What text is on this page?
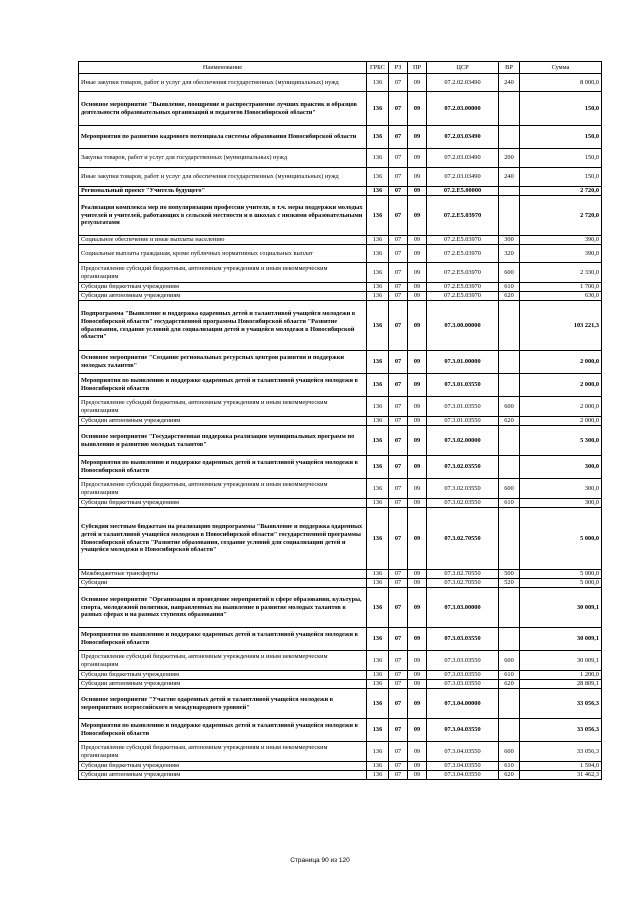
Наименование	ГРБС	РЗ	ПР	ЦСР	ВР	Сумма
Иные закупки товаров, работ и услуг для обеспечения государственных (муниципальных) нужд	136	07	09	07.2.02.03490	240	8 000,0
Основное мероприятие "Выявление, поощрение и распространение лучших практик и образцов деятельности образовательных организаций и педагогов Новосибирской области"	136	07	09	07.2.03.00000		150,0
Мероприятия по развитию кадрового потенциала системы образования Новосибирской области	136	07	09	07.2.03.03490		150,0
Закупка товаров, работ и услуг для государственных (муниципальных) нужд	136	07	09	07.2.03.03490	200	150,0
Иные закупки товаров, работ и услуг для обеспечения государственных (муниципальных) нужд	136	07	09	07.2.03.03490	240	150,0
Региональный проект "Учитель будущего"	136	07	09	07.2.E5.00000		2 720,0
Реализация комплекса мер по популяризации профессии учителя, в т.ч. меры поддержки молодых учителей и учителей, работающих в сельской местности и в школах с низкими образовательными результатами	136	07	09	07.2.E5.03970		2 720,0
Социальное обеспечение и иные выплаты населению	136	07	09	07.2.E5.03970	300	390,0
Социальные выплаты гражданам, кроме публичных нормативных социальных выплат	136	07	09	07.2.E5.03970	320	390,0
Предоставление субсидий бюджетным, автономным учреждениям и иным некоммерческим организациям	136	07	09	07.2.E5.03970	600	2 330,0
Субсидии бюджетным учреждениям	136	07	09	07.2.E5.03970	610	1 700,0
Субсидии автономным учреждениям	136	07	09	07.2.E5.03970	620	630,0
Подпрограмма "Выявление и поддержка одаренных детей и талантливой учащейся молодежи в Новосибирской области" государственной программы Новосибирской области "Развитие образования, создание условий для социализации детей и учащейся молодежи в Новосибирской области"	136	07	09	07.3.00.00000		103 221,3
Основное мероприятие "Создание региональных ресурсных центров развития и поддержки молодых талантов"	136	07	09	07.3.01.00000		2 000,0
Мероприятия по выявлению и поддержке одаренных детей и талантливой учащейся молодежи в Новосибирской области	136	07	09	07.3.01.03550		2 000,0
Предоставление субсидий бюджетным, автономным учреждениям и иным некоммерческим организациям	136	07	09	07.3.01.03550	600	2 000,0
Субсидии автономным учреждениям	136	07	09	07.3.01.03550	620	2 000,0
Основное мероприятие "Государственная поддержка реализации муниципальных программ по выявлению и развитию молодых талантов"	136	07	09	07.3.02.00000		5 300,0
Мероприятия по выявлению и поддержке одаренных детей и талантливой учащейся молодежи в Новосибирской области	136	07	09	07.3.02.03550		300,0
Предоставление субсидий бюджетным, автономным учреждениям и иным некоммерческим организациям	136	07	09	07.3.02.03550	600	300,0
Субсидии бюджетным учреждениям	136	07	09	07.3.02.03550	610	300,0
Субсидии местным бюджетам на реализацию подпрограммы "Выявление и поддержка одаренных детей и талантливой учащейся молодежи в Новосибирской области" государственной программы Новосибирской области "Развитие образования, создание условий для социализации детей и учащейся молодежи в Новосибирской области"	136	07	09	07.3.02.70550		5 000,0
Межбюджетные трансферты	136	07	09	07.3.02.70550	500	5 000,0
Субсидии	136	07	09	07.3.02.70550	520	5 000,0
Основное мероприятие "Организация и проведение мероприятий в сфере образования, культуры, спорта, молодежной политики, направленных на выявление и развитие молодых талантов в разных сферах и на разных ступенях образования"	136	07	09	07.3.03.00000		30 009,1
Мероприятия по выявлению и поддержке одаренных детей и талантливой учащейся молодежи в Новосибирской области	136	07	09	07.3.03.03550		30 009,1
Предоставление субсидий бюджетным, автономным учреждениям и иным некоммерческим организациям	136	07	09	07.3.03.03550	600	30 009,1
Субсидии бюджетным учреждениям	136	07	09	07.3.03.03550	610	1 200,0
Субсидии автономным учреждениям	136	07	09	07.3.03.03550	620	28 809,1
Основное мероприятие "Участие одаренных детей и талантливой учащейся молодежи в мероприятиях всероссийского и международного уровней"	136	07	09	07.3.04.00000		33 056,3
Мероприятия по выявлению и поддержке одаренных детей и талантливой учащейся молодежи в Новосибирской области	136	07	09	07.3.04.03550		33 056,3
Предоставление субсидий бюджетным, автономным учреждениям и иным некоммерческим организациям	136	07	09	07.3.04.03550	600	33 056,3
Субсидии бюджетным учреждениям	136	07	09	07.3.04.03550	610	1 594,0
Субсидии автономным учреждениям	136	07	09	07.3.04.03550	620	31 462,3
Страница 90 из 120
